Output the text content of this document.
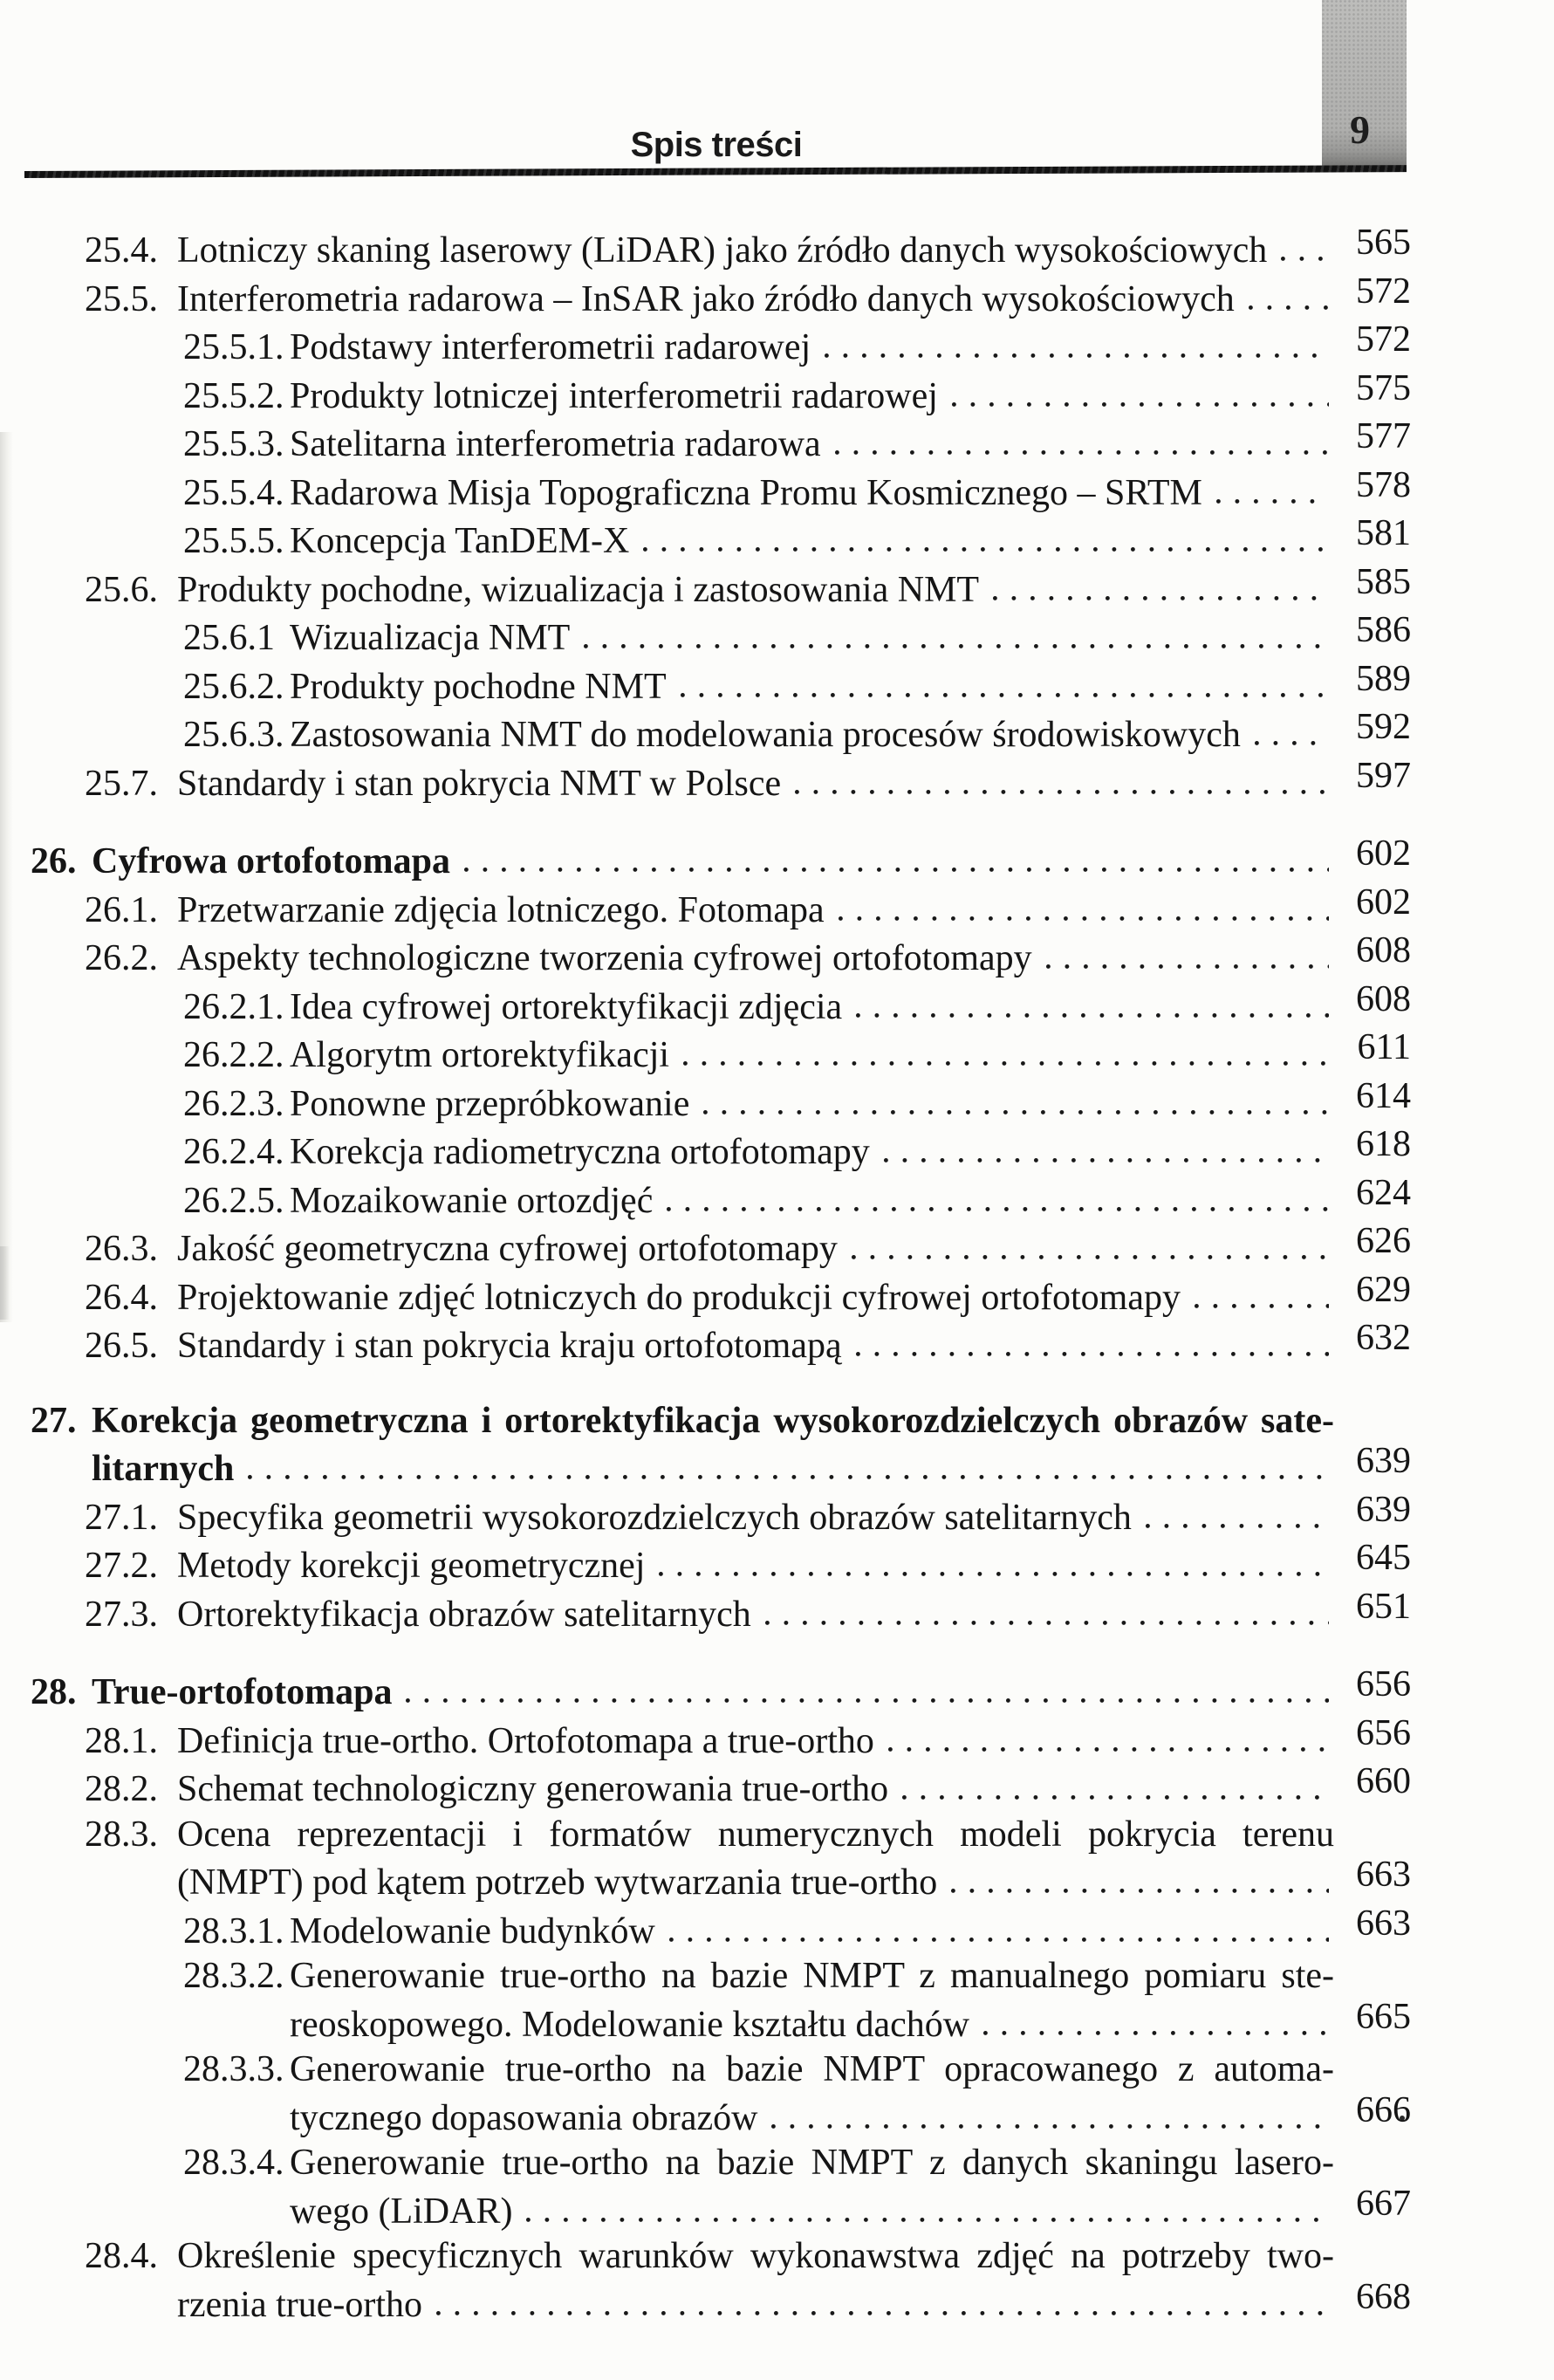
Spis treści	9
25.4. Lotniczy skaning laserowy (LiDAR) jako źródło danych wysokościowych	565
25.5. Interferometria radarowa – InSAR jako źródło danych wysokościowych	572
25.5.1. Podstawy interferometrii radarowej	572
25.5.2. Produkty lotniczej interferometrii radarowej	575
25.5.3. Satelitarna interferometria radarowa	577
25.5.4. Radarowa Misja Topograficzna Promu Kosmicznego – SRTM	578
25.5.5. Koncepcja TanDEM-X	581
25.6. Produkty pochodne, wizualizacja i zastosowania NMT	585
25.6.1 Wizualizacja NMT	586
25.6.2. Produkty pochodne NMT	589
25.6.3. Zastosowania NMT do modelowania procesów środowiskowych	592
25.7. Standardy i stan pokrycia NMT w Polsce	597
26. Cyfrowa ortofotomapa	602
26.1. Przetwarzanie zdjęcia lotniczego. Fotomapa	602
26.2. Aspekty technologiczne tworzenia cyfrowej ortofotomapy	608
26.2.1. Idea cyfrowej ortorektyfikacji zdjęcia	608
26.2.2. Algorytm ortorektyfikacji	611
26.2.3. Ponowne przepróbkowanie	614
26.2.4. Korekcja radiometryczna ortofotomapy	618
26.2.5. Mozaikowanie ortozdjęć	624
26.3. Jakość geometryczna cyfrowej ortofotomapy	626
26.4. Projektowanie zdjęć lotniczych do produkcji cyfrowej ortofotomapy	629
26.5. Standardy i stan pokrycia kraju ortofotomapą	632
27. Korekcja geometryczna i ortorektyfikacja wysokorozdzielczych obrazów sate-
litarnych	639
27.1. Specyfika geometrii wysokorozdzielczych obrazów satelitarnych	639
27.2. Metody korekcji geometrycznej	645
27.3. Ortorektyfikacja obrazów satelitarnych	651
28. True-ortofotomapa	656
28.1. Definicja true-ortho. Ortofotomapa a true-ortho	656
28.2. Schemat technologiczny generowania true-ortho	660
28.3. Ocena reprezentacji i formatów numerycznych modeli pokrycia terenu
(NMPT) pod kątem potrzeb wytwarzania true-ortho	663
28.3.1. Modelowanie budynków	663
28.3.2. Generowanie true-ortho na bazie NMPT z manualnego pomiaru ste-
reoskopowego. Modelowanie kształtu dachów	665
28.3.3. Generowanie true-ortho na bazie NMPT opracowanego z automa-
tycznego dopasowania obrazów	666
28.3.4. Generowanie true-ortho na bazie NMPT z danych skaningu lasero-
wego (LiDAR)	667
28.4. Określenie specyficznych warunków wykonawstwa zdjęć na potrzeby two-
rzenia true-ortho	668
